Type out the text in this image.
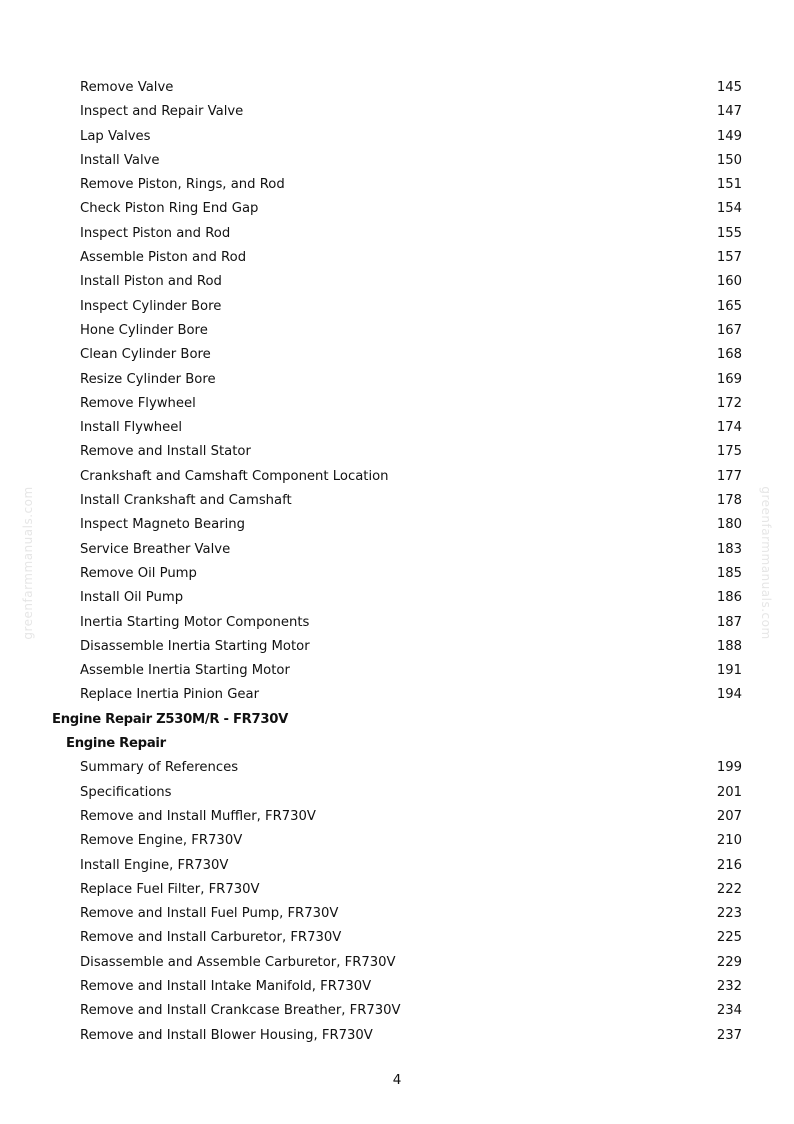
greenfarmmanuals.com	greenfarmmanuals.com
Remove Valve	145
Inspect and Repair Valve	147
Lap Valves	149
Install Valve	150
Remove Piston, Rings, and Rod	151
Check Piston Ring End Gap	154
Inspect Piston and Rod	155
Assemble Piston and Rod	157
Install Piston and Rod	160
Inspect Cylinder Bore	165
Hone Cylinder Bore	167
Clean Cylinder Bore	168
Resize Cylinder Bore	169
Remove Flywheel	172
Install Flywheel	174
Remove and Install Stator	175
Crankshaft and Camshaft Component Location	177
Install Crankshaft and Camshaft	178
Inspect Magneto Bearing	180
Service Breather Valve	183
Remove Oil Pump	185
Install Oil Pump	186
Inertia Starting Motor Components	187
Disassemble Inertia Starting Motor	188
Assemble Inertia Starting Motor	191
Replace Inertia Pinion Gear	194
Engine Repair Z530M/R - FR730V
Engine Repair
Summary of References	199
Specifications	201
Remove and Install Muffler, FR730V	207
Remove Engine, FR730V	210
Install Engine, FR730V	216
Replace Fuel Filter, FR730V	222
Remove and Install Fuel Pump, FR730V	223
Remove and Install Carburetor, FR730V	225
Disassemble and Assemble Carburetor, FR730V	229
Remove and Install Intake Manifold, FR730V	232
Remove and Install Crankcase Breather, FR730V	234
Remove and Install Blower Housing, FR730V	237
4
